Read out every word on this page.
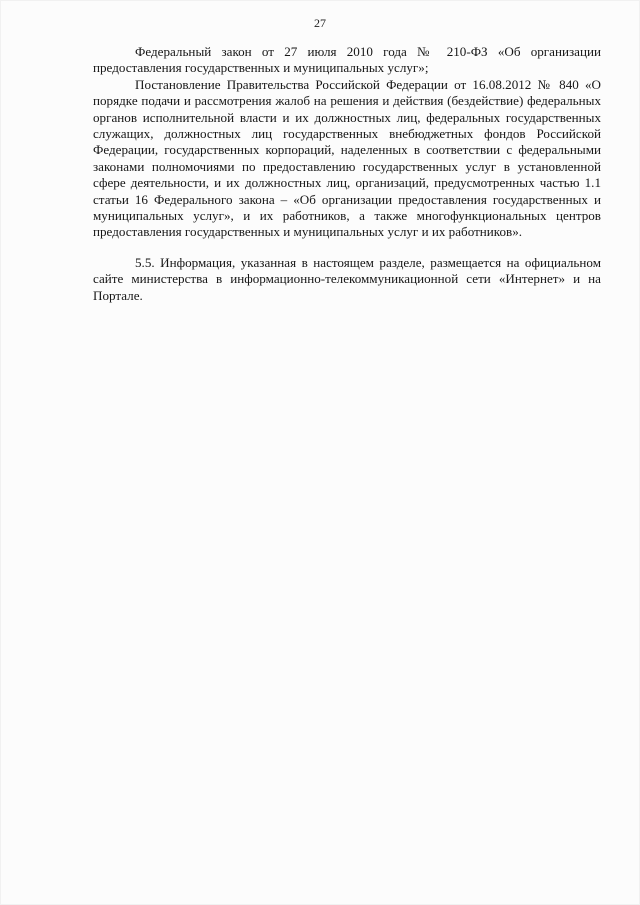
27

Федеральный закон от 27 июля 2010 года № 210-ФЗ «Об организации предоставления государственных и муниципальных услуг»;

Постановление Правительства Российской Федерации от 16.08.2012 № 840 «О порядке подачи и рассмотрения жалоб на решения и действия (бездействие) федеральных органов исполнительной власти и их должностных лиц, федеральных государственных служащих, должностных лиц государственных внебюджетных фондов Российской Федерации, государственных корпораций, наделенных в соответствии с федеральными законами полномочиями по предоставлению государственных услуг в установленной сфере деятельности, и их должностных лиц, организаций, предусмотренных частью 1.1 статьи 16 Федерального закона – «Об организации предоставления государственных и муниципальных услуг», и их работников, а также многофункциональных центров предоставления государственных и муниципальных услуг и их работников».

5.5. Информация, указанная в настоящем разделе, размещается на официальном сайте министерства в информационно-телекоммуникационной сети «Интернет» и на Портале.
